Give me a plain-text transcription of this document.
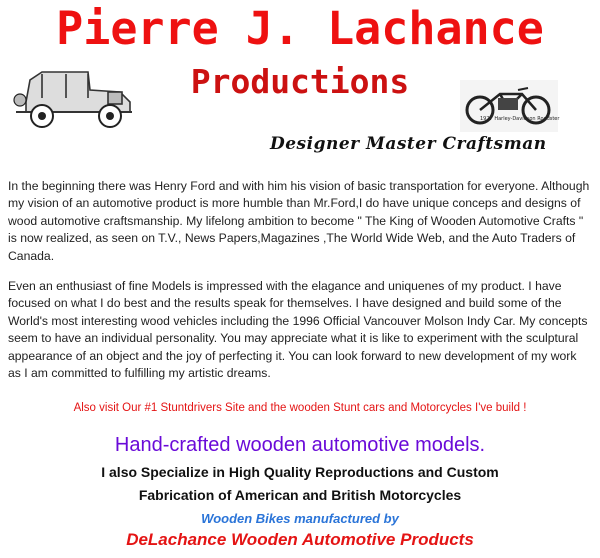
Pierre J. Lachance
Productions
1927 Harley-Davidson Roadster
Designer Master Craftsman
In the beginning there was Henry Ford and with him his vision of basic transportation for everyone. Although my vision of an automotive product is more humble than Mr.Ford,I do have unique conceps and designs of wood automotive craftsmanship. My lifelong ambition to become " The King of Wooden Automotive Crafts " is now realized, as seen on T.V., News Papers,Magazines ,The World Wide Web, and the Auto Traders of Canada.
Even an enthusiast of fine Models is impressed with the elagance and uniquenes of my product. I have focused on what I do best and the results speak for themselves. I have designed and build some of the World's most interesting wood vehicles including the 1996 Official Vancouver Molson Indy Car. My concepts seem to have an individual personality. You may appreciate what it is like to experiment with the sculptural appearance of an object and the joy of perfecting it. You can look forward to new development of my work as I am committed to fulfilling my artistic dreams.
Also visit Our #1 Stuntdrivers Site and the wooden Stunt cars and Motorcycles I've build !
Hand-crafted wooden automotive models.
I also Specialize in High Quality Reproductions and Custom
Fabrication of American and British Motorcycles
Wooden Bikes manufactured by
DeLachance Wooden Automotive Products
